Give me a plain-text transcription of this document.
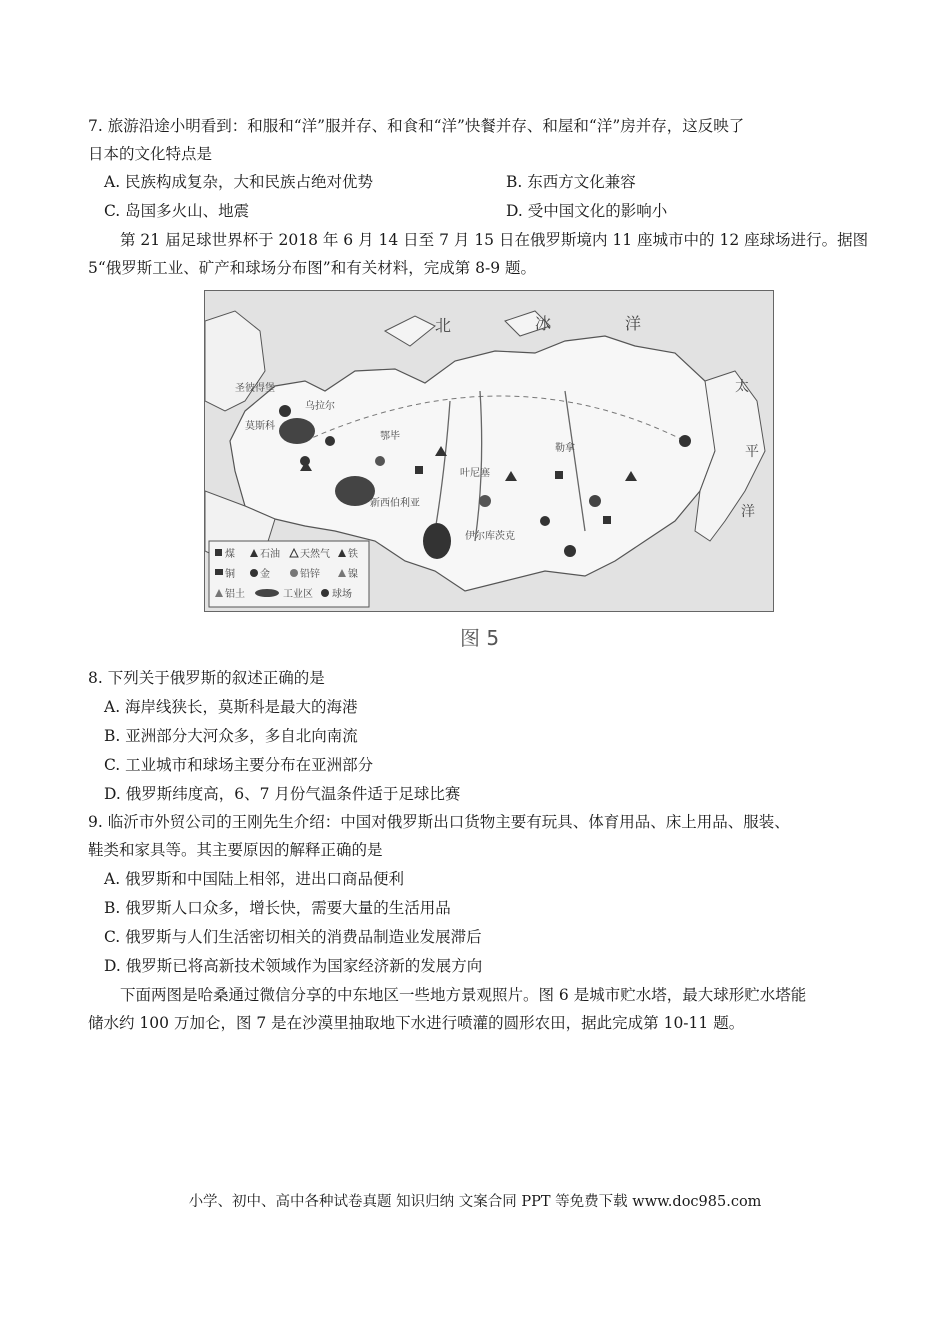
7. 旅游沿途小明看到：和服和“洋”服并存、和食和“洋”快餐并存、和屋和“洋”房并存，这反映了
日本的文化特点是
A. 民族构成复杂，大和民族占绝对优势	B. 东西方文化兼容
C. 岛国多火山、地震	D. 受中国文化的影响小
第 21 届足球世界杯于 2018 年 6 月 14 日至 7 月 15 日在俄罗斯境内 11 座城市中的 12 座球场进行。据图
5“俄罗斯工业、矿产和球场分布图”和有关材料，完成第 8-9 题。
北	冰	洋
太
平
洋
圣彼得堡
莫斯科
乌拉尔
鄂毕
叶尼塞
勒拿
新西伯利亚
伊尔库茨克
煤	石油 天然气 铁
铜	金	铅锌	镍
铝土	工业区 球场
图 5
8. 下列关于俄罗斯的叙述正确的是
A. 海岸线狭长，莫斯科是最大的海港
B. 亚洲部分大河众多，多自北向南流
C. 工业城市和球场主要分布在亚洲部分
D. 俄罗斯纬度高，6、7 月份气温条件适于足球比赛
9. 临沂市外贸公司的王刚先生介绍：中国对俄罗斯出口货物主要有玩具、体育用品、床上用品、服装、
鞋类和家具等。其主要原因的解释正确的是
A. 俄罗斯和中国陆上相邻，进出口商品便利
B. 俄罗斯人口众多，增长快，需要大量的生活用品
C. 俄罗斯与人们生活密切相关的消费品制造业发展滞后
D. 俄罗斯已将高新技术领域作为国家经济新的发展方向
下面两图是哈桑通过微信分享的中东地区一些地方景观照片。图 6 是城市贮水塔，最大球形贮水塔能
储水约 100 万加仑，图 7 是在沙漠里抽取地下水进行喷灌的圆形农田，据此完成第 10-11 题。
小学、初中、高中各种试卷真题 知识归纳 文案合同 PPT 等免费下载 www.doc985.com
